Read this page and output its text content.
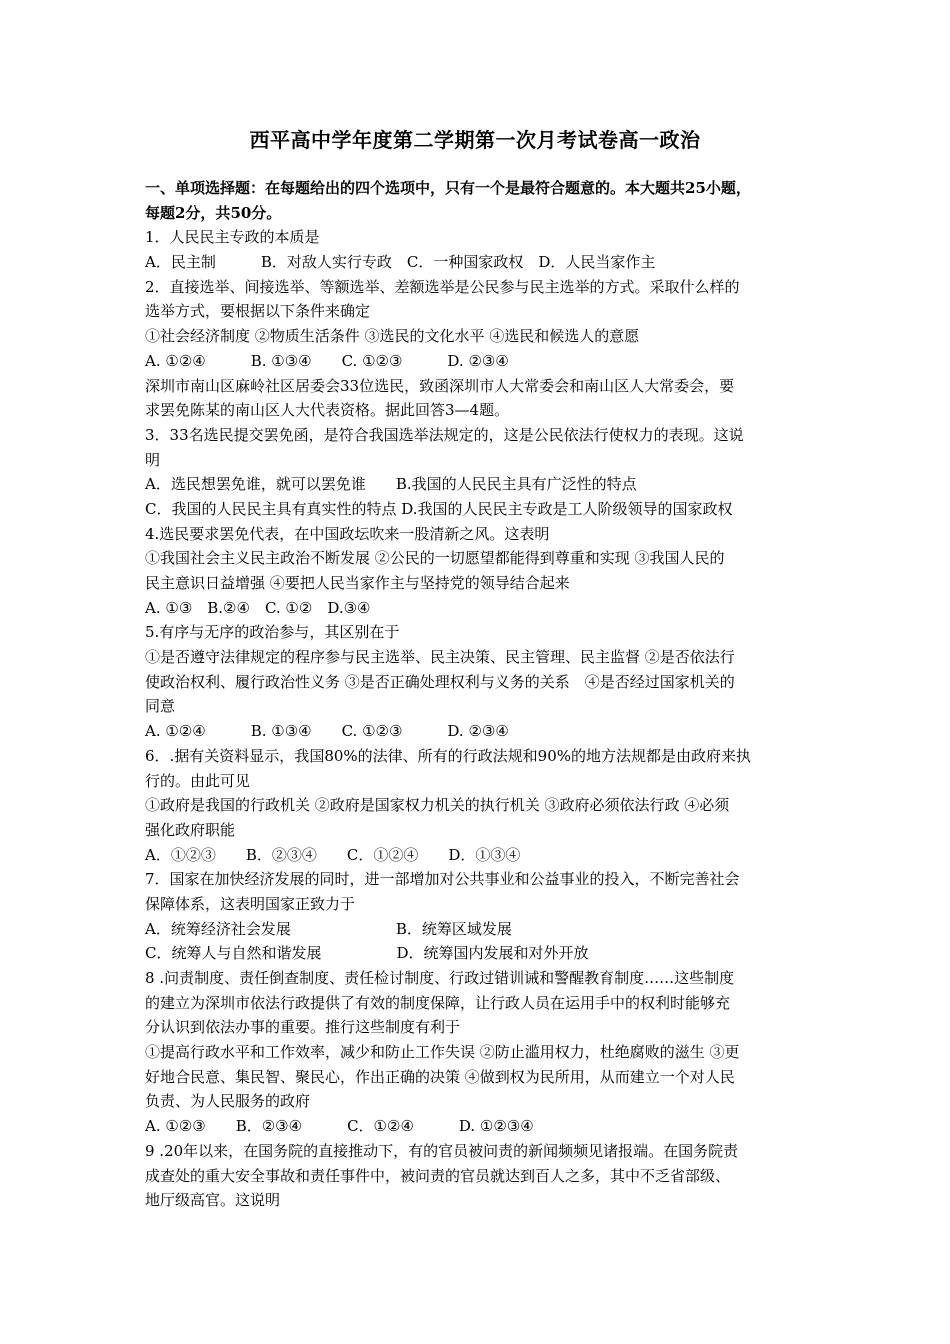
西平高中学年度第二学期第一次月考试卷高一政治
一、单项选择题：在每题给出的四个选项中，只有一个是最符合题意的。本大题共25小题，
每题2分，共50分。
1．人民民主专政的本质是
A．民主制　　　B．对敌人实行专政　C．一种国家政权　D．人民当家作主
2．直接选举、间接选举、等额选举、差额选举是公民参与民主选举的方式。采取什么样的
选举方式，要根据以下条件来确定
①社会经济制度 ②物质生活条件 ③选民的文化水平 ④选民和候选人的意愿
A. ①②④　　　B. ①③④　　C. ①②③　　　D. ②③④
深圳市南山区麻岭社区居委会33位选民，致函深圳市人大常委会和南山区人大常委会，要
求罢免陈某的南山区人大代表资格。据此回答3—4题。
3．33名选民提交罢免函，是符合我国选举法规定的，这是公民依法行使权力的表现。这说
明
A．选民想罢免谁，就可以罢免谁　　B.我国的人民民主具有广泛性的特点
C．我国的人民民主具有真实性的特点 D.我国的人民民主专政是工人阶级领导的国家政权
4.选民要求罢免代表，在中国政坛吹来一股清新之风。这表明
①我国社会主义民主政治不断发展 ②公民的一切愿望都能得到尊重和实现 ③我国人民的
民主意识日益增强 ④要把人民当家作主与坚持党的领导结合起来
A. ①③　B.②④　C. ①②　D.③④
5.有序与无序的政治参与，其区别在于
①是否遵守法律规定的程序参与民主选举、民主决策、民主管理、民主监督 ②是否依法行
使政治权利、履行政治性义务 ③是否正确处理权利与义务的关系　④是否经过国家机关的
同意
A. ①②④　　　B. ①③④　　C. ①②③　　　D. ②③④
6．.据有关资料显示，我国80%的法律、所有的行政法规和90%的地方法规都是由政府来执
行的。由此可见
①政府是我国的行政机关 ②政府是国家权力机关的执行机关 ③政府必须依法行政 ④必须
强化政府职能
A．①②③　　B．②③④　　C．①②④　　D．①③④
7．国家在加快经济发展的同时，进一部增加对公共事业和公益事业的投入，不断完善社会
保障体系，这表明国家正致力于
A．统筹经济社会发展　　　　　　　B．统筹区域发展
C．统筹人与自然和谐发展　　　　　D．统筹国内发展和对外开放
8 .问责制度、责任倒查制度、责任检讨制度、行政过错训诫和警醒教育制度……这些制度
的建立为深圳市依法行政提供了有效的制度保障，让行政人员在运用手中的权利时能够充
分认识到依法办事的重要。推行这些制度有利于
①提高行政水平和工作效率，减少和防止工作失误 ②防止滥用权力，杜绝腐败的滋生 ③更
好地合民意、集民智、聚民心，作出正确的决策 ④做到权为民所用，从而建立一个对人民
负责、为人民服务的政府
A. ①②③　　B．②③④　　　C．①②④　　　D. ①②③④
9 .20年以来，在国务院的直接推动下，有的官员被问责的新闻频频见诸报端。在国务院责
成查处的重大安全事故和责任事件中，被问责的官员就达到百人之多，其中不乏省部级、
地厅级高官。这说明
